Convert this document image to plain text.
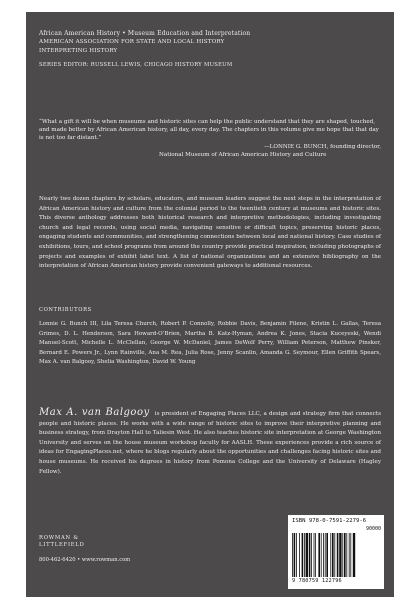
African American History • Museum Education and Interpretation
AMERICAN ASSOCIATION FOR STATE AND LOCAL HISTORY
INTERPRETING HISTORY
SERIES EDITOR: RUSSELL LEWIS, CHICAGO HISTORY MUSEUM

“What a gift it will be when museums and historic sites can help the public understand that they are shaped, touched, and made better by African American history, all day, every day. The chapters in this volume give me hope that that day is not too far distant.”
—LONNIE G. BUNCH, founding director,

National Museum of African American History and Culture
Nearly two dozen chapters by scholars, educators, and museum leaders suggest the next steps in the interpretation of African American history and culture from the colonial period to the twentieth century at museums and historic sites. This diverse anthology addresses both historical research and interpretive methodologies, including investigating church and legal records, using social media, navigating sensitive or difficult topics, preserving historic places, engaging students and communities, and strengthening connections between local and national history. Case studies of exhibitions, tours, and school programs from around the country provide practical inspiration, including photographs of projects and examples of exhibit label text. A list of national organizations and an extensive bibliography on the interpretation of African American history provide convenient gateways to additional resources.
CONTRIBUTORS
Lonnie G. Bunch III, Lila Teresa Church, Robert P. Connolly, Robbie Davis, Benjamin Filene, Kristin L. Gallas, Teresa Grimes, D. L. Henderson, Sara Howard-O’Brien, Martha B. Katz-Hyman, Andrea K. Jones, Stacia Kuceyeski, Wendi Manuel-Scott, Michelle L. McClellan, George W. McDaniel, James DeWolf Perry, William Peterson, Matthew Pinsker, Bernard E. Powers Jr., Lynn Rainville, Ana M. Rea, Julia Rose, Jenny Scanlin, Amanda G. Seymour, Ellen Griffith Spears, Max A. van Balgooy, Shelia Washington, David W. Young
Max A. van Balgooy is president of Engaging Places LLC, a design and strategy firm that connects people and historic places. He works with a wide range of historic sites to improve their interpretive planning and business strategy, from Drayton Hall to Taliesin West. He also teaches historic site interpretation at George Washington University and serves on the house museum workshop faculty for AASLH. These experiences provide a rich source of ideas for EngagingPlaces.net, where he blogs regularly about the opportunities and challenges facing historic sites and house museums. He received his degrees in history from Pomona College and the University of Delaware (Hagley Fellow).
ROWMAN &
LITTLEFIELD
800-462-6420 • www.rowman.com
ISBN 978-0-7591-2279-6
90000
9 780759 122796
